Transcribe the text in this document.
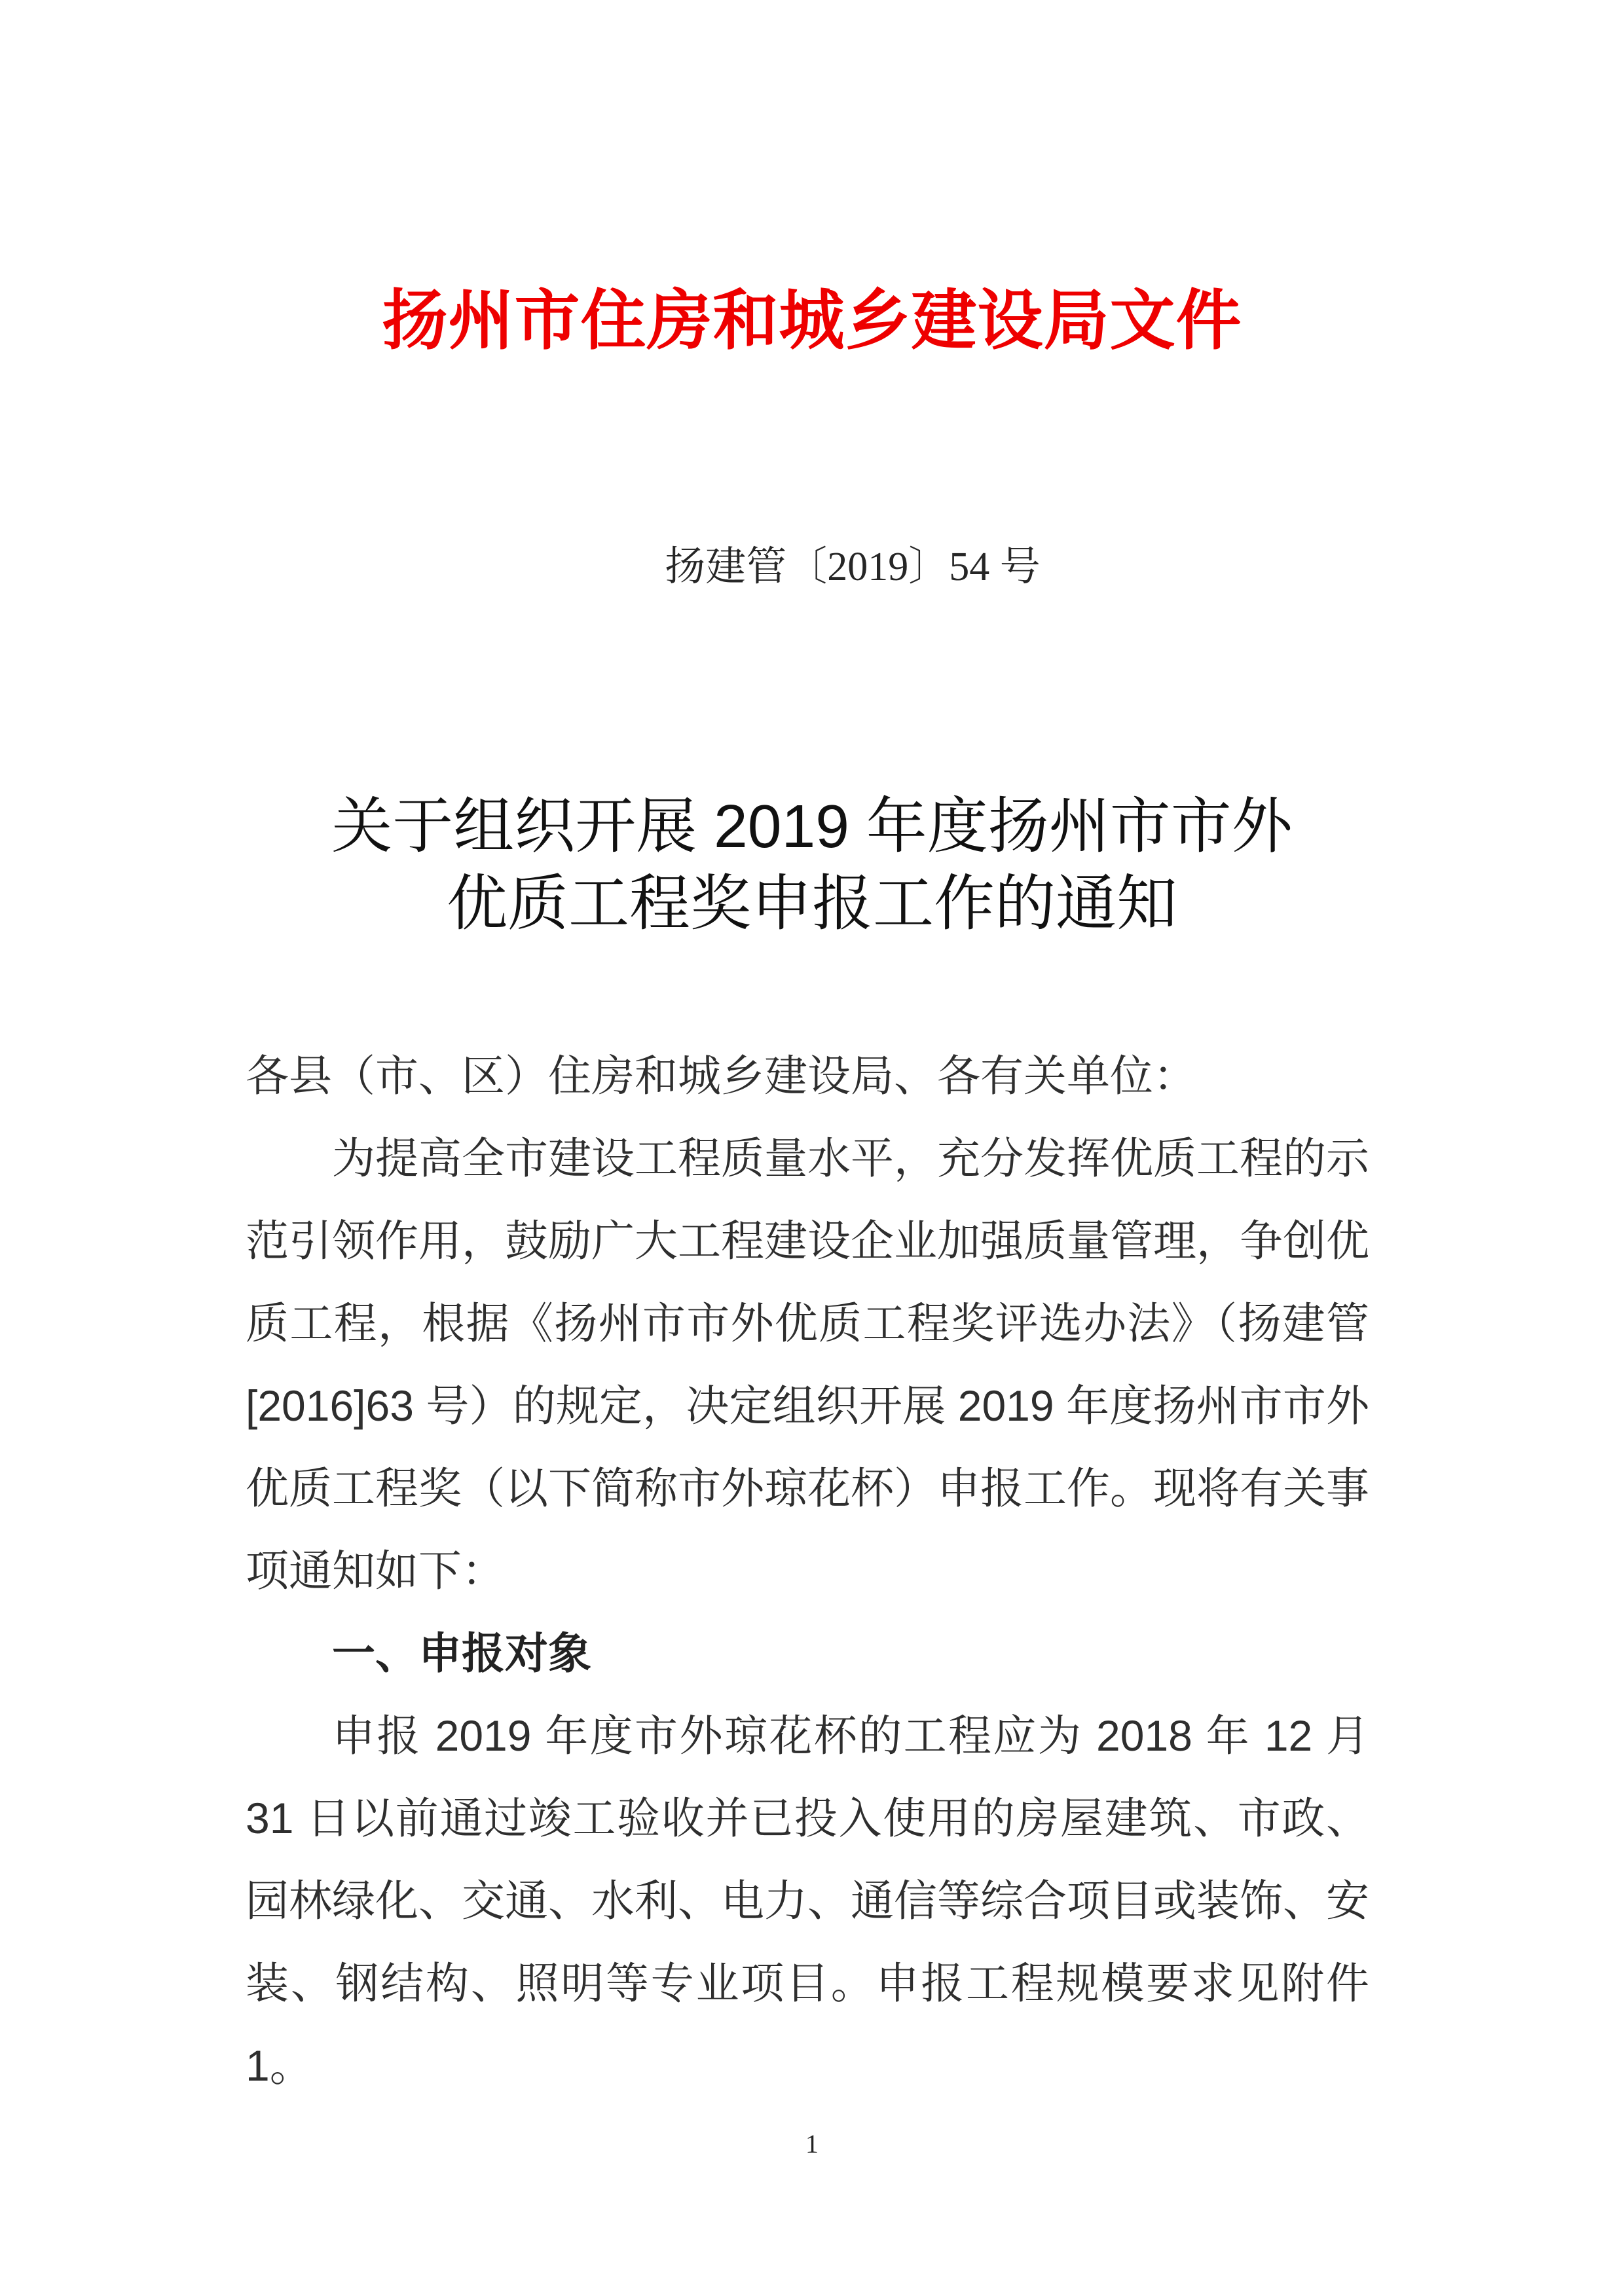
扬州市住房和城乡建设局文件
扬建管〔2019〕54 号
关于组织开展 2019 年度扬州市市外
优质工程奖申报工作的通知

各县（市、区）住房和城乡建设局、各有关单位：

为提高全市建设工程质量水平，充分发挥优质工程的示范引领作用，鼓励广大工程建设企业加强质量管理，争创优质工程，根据《扬州市市外优质工程奖评选办法》（扬建管[2016]63 号）的规定，决定组织开展 2019 年度扬州市市外优质工程奖（以下简称市外琼花杯）申报工作。现将有关事项通知如下：

一、申报对象

申报 2019 年度市外琼花杯的工程应为 2018 年 12 月 31 日以前通过竣工验收并已投入使用的房屋建筑、市政、园林绿化、交通、水利、电力、通信等综合项目或装饰、安装、钢结构、照明等专业项目。申报工程规模要求见附件 1。

1
